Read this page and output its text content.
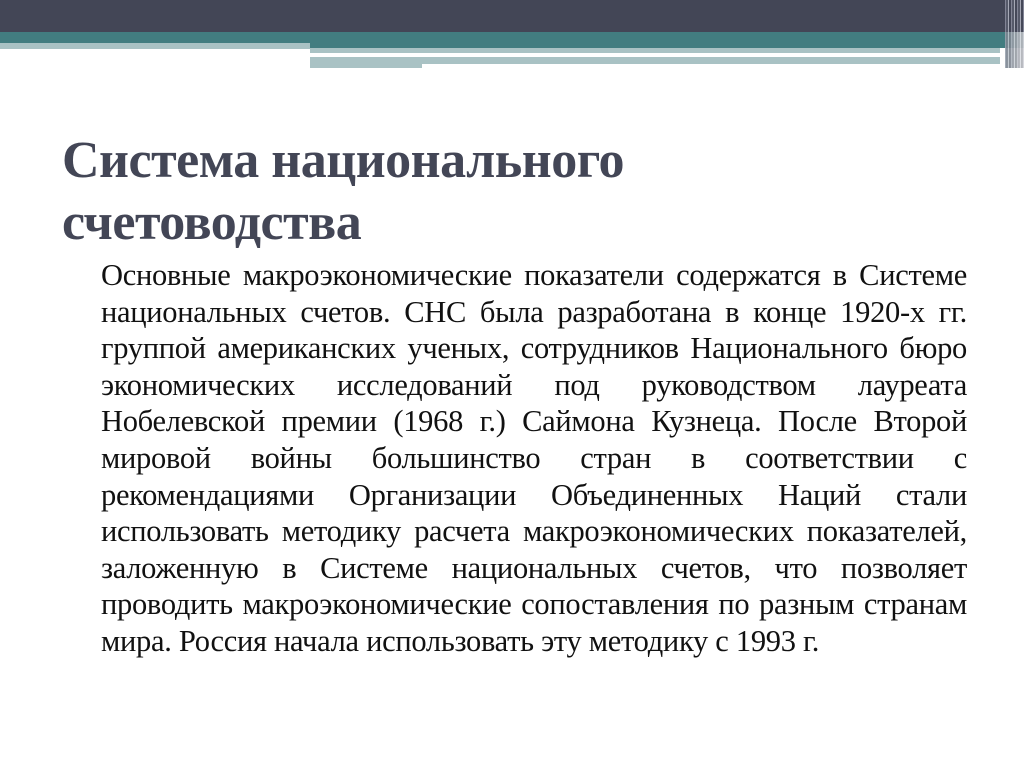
Система национального счетоводства

Основные макроэкономические показатели содержатся в Системе национальных счетов. СНС была разработана в конце 1920-х гг. группой американских ученых, сотрудников Национального бюро экономических исследований под руководством лауреата Нобелевской премии (1968 г.) Саймона Кузнеца. После Второй мировой войны большинство стран в соответствии с рекомендациями Организации Объединенных Наций стали использовать методику расчета макроэкономических показателей, заложенную в Системе национальных счетов, что позволяет проводить макроэкономические сопоставления по разным странам мира. Россия начала использовать эту методику с 1993 г.
